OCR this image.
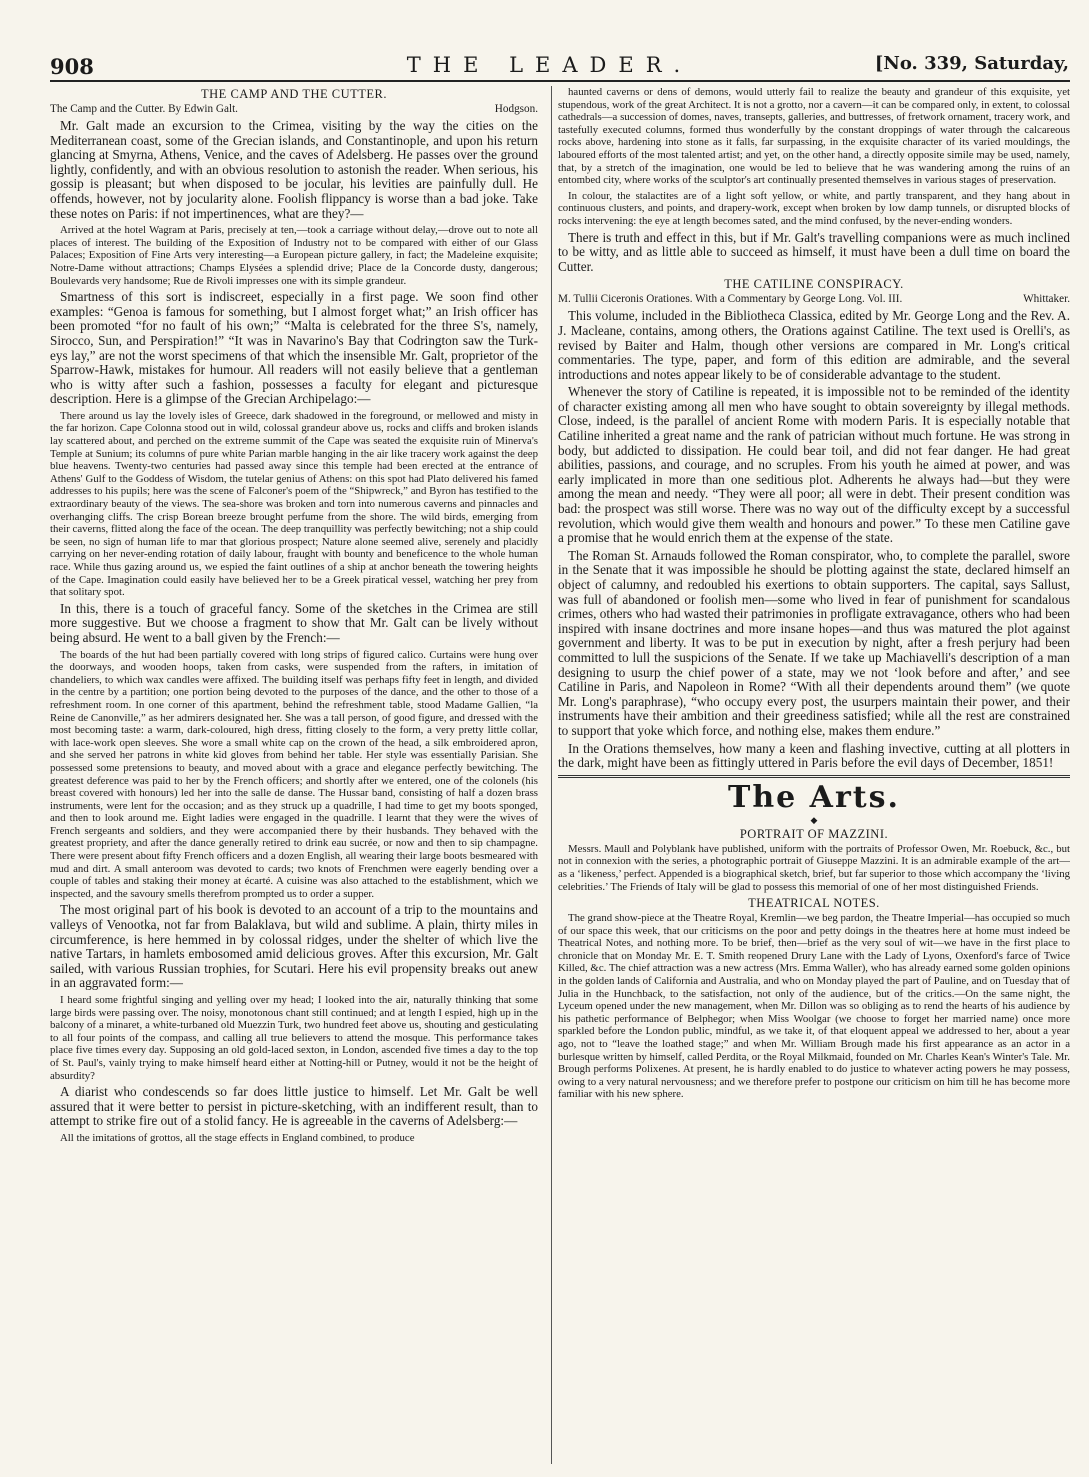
908	THE LEADER.	[No. 339, Saturday,
THE CAMP AND THE CUTTER.
The Camp and the Cutter. By Edwin Galt.	Hodgson.

Mr. Galt made an excursion to the Crimea, visiting by the way the cities on the Mediterranean coast, some of the Grecian islands, and Constantinople, and upon his return glancing at Smyrna, Athens, Venice, and the caves of Adelsberg. He passes over the ground lightly, confidently, and with an obvious resolution to astonish the reader. When serious, his gossip is pleasant; but when disposed to be jocular, his levities are painfully dull. He offends, however, not by jocularity alone. Foolish flippancy is worse than a bad joke. Take these notes on Paris: if not impertinences, what are they?—

Arrived at the hotel Wagram at Paris, precisely at ten,—took a carriage without delay,—drove out to note all places of interest. The building of the Exposition of Industry not to be compared with either of our Glass Palaces; Exposition of Fine Arts very interesting—a European picture gallery, in fact; the Madeleine exquisite; Notre-Dame without attractions; Champs Elysées a splendid drive; Place de la Concorde dusty, dangerous; Boulevards very handsome; Rue de Rivoli impresses one with its simple grandeur.

Smartness of this sort is indiscreet, especially in a first page. We soon find other examples: “Genoa is famous for something, but I almost forget what;” an Irish officer has been promoted “for no fault of his own;” “Malta is celebrated for the three S's, namely, Sirocco, Sun, and Perspiration!” “It was in Navarino's Bay that Codrington saw the Turk-eys lay,” are not the worst specimens of that which the insensible Mr. Galt, proprietor of the Sparrow-Hawk, mistakes for humour. All readers will not easily believe that a gentleman who is witty after such a fashion, possesses a faculty for elegant and picturesque description. Here is a glimpse of the Grecian Archipelago:—

There around us lay the lovely isles of Greece, dark shadowed in the foreground, or mellowed and misty in the far horizon. Cape Colonna stood out in wild, colossal grandeur above us, rocks and cliffs and broken islands lay scattered about, and perched on the extreme summit of the Cape was seated the exquisite ruin of Minerva's Temple at Sunium; its columns of pure white Parian marble hanging in the air like tracery work against the deep blue heavens. Twenty-two centuries had passed away since this temple had been erected at the entrance of Athens' Gulf to the Goddess of Wisdom, the tutelar genius of Athens: on this spot had Plato delivered his famed addresses to his pupils; here was the scene of Falconer's poem of the “Shipwreck,” and Byron has testified to the extraordinary beauty of the views. The sea-shore was broken and torn into numerous caverns and pinnacles and overhanging cliffs. The crisp Borean breeze brought perfume from the shore. The wild birds, emerging from their caverns, flitted along the face of the ocean. The deep tranquillity was perfectly bewitching; not a ship could be seen, no sign of human life to mar that glorious prospect; Nature alone seemed alive, serenely and placidly carrying on her never-ending rotation of daily labour, fraught with bounty and beneficence to the whole human race. While thus gazing around us, we espied the faint outlines of a ship at anchor beneath the towering heights of the Cape. Imagination could easily have believed her to be a Greek piratical vessel, watching her prey from that solitary spot.

In this, there is a touch of graceful fancy. Some of the sketches in the Crimea are still more suggestive. But we choose a fragment to show that Mr. Galt can be lively without being absurd. He went to a ball given by the French:—

The boards of the hut had been partially covered with long strips of figured calico. Curtains were hung over the doorways, and wooden hoops, taken from casks, were suspended from the rafters, in imitation of chandeliers, to which wax candles were affixed. The building itself was perhaps fifty feet in length, and divided in the centre by a partition; one portion being devoted to the purposes of the dance, and the other to those of a refreshment room. In one corner of this apartment, behind the refreshment table, stood Madame Gallien, “la Reine de Canonville,” as her admirers designated her. She was a tall person, of good figure, and dressed with the most becoming taste: a warm, dark-coloured, high dress, fitting closely to the form, a very pretty little collar, with lace-work open sleeves. She wore a small white cap on the crown of the head, a silk embroidered apron, and she served her patrons in white kid gloves from behind her table. Her style was essentially Parisian. She possessed some pretensions to beauty, and moved about with a grace and elegance perfectly bewitching. The greatest deference was paid to her by the French officers; and shortly after we entered, one of the colonels (his breast covered with honours) led her into the salle de danse. The Hussar band, consisting of half a dozen brass instruments, were lent for the occasion; and as they struck up a quadrille, I had time to get my boots sponged, and then to look around me. Eight ladies were engaged in the quadrille. I learnt that they were the wives of French sergeants and soldiers, and they were accompanied there by their husbands. They behaved with the greatest propriety, and after the dance generally retired to drink eau sucrée, or now and then to sip champagne. There were present about fifty French officers and a dozen English, all wearing their large boots besmeared with mud and dirt. A small anteroom was devoted to cards; two knots of Frenchmen were eagerly bending over a couple of tables and staking their money at écarté. A cuisine was also attached to the establishment, which we inspected, and the savoury smells therefrom prompted us to order a supper.

The most original part of his book is devoted to an account of a trip to the mountains and valleys of Venootka, not far from Balaklava, but wild and sublime. A plain, thirty miles in circumference, is here hemmed in by colossal ridges, under the shelter of which live the native Tartars, in hamlets embosomed amid delicious groves. After this excursion, Mr. Galt sailed, with various Russian trophies, for Scutari. Here his evil propensity breaks out anew in an aggravated form:—

I heard some frightful singing and yelling over my head; I looked into the air, naturally thinking that some large birds were passing over. The noisy, monotonous chant still continued; and at length I espied, high up in the balcony of a minaret, a white-turbaned old Muezzin Turk, two hundred feet above us, shouting and gesticulating to all four points of the compass, and calling all true believers to attend the mosque. This performance takes place five times every day. Supposing an old gold-laced sexton, in London, ascended five times a day to the top of St. Paul's, vainly trying to make himself heard either at Notting-hill or Putney, would it not be the height of absurdity?

A diarist who condescends so far does little justice to himself. Let Mr. Galt be well assured that it were better to persist in picture-sketching, with an indifferent result, than to attempt to strike fire out of a stolid fancy. He is agreeable in the caverns of Adelsberg:—

All the imitations of grottos, all the stage effects in England combined, to produce

haunted caverns or dens of demons, would utterly fail to realize the beauty and grandeur of this exquisite, yet stupendous, work of the great Architect. It is not a grotto, nor a cavern—it can be compared only, in extent, to colossal cathedrals—a succession of domes, naves, transepts, galleries, and buttresses, of fretwork ornament, tracery work, and tastefully executed columns, formed thus wonderfully by the constant droppings of water through the calcareous rocks above, hardening into stone as it falls, far surpassing, in the exquisite character of its varied mouldings, the laboured efforts of the most talented artist; and yet, on the other hand, a directly opposite simile may be used, namely, that, by a stretch of the imagination, one would be led to believe that he was wandering among the ruins of an entombed city, where works of the sculptor's art continually presented themselves in various stages of preservation.

In colour, the stalactites are of a light soft yellow, or white, and partly transparent, and they hang about in continuous clusters, and points, and drapery-work, except when broken by low damp tunnels, or disrupted blocks of rocks intervening: the eye at length becomes sated, and the mind confused, by the never-ending wonders.

There is truth and effect in this, but if Mr. Galt's travelling companions were as much inclined to be witty, and as little able to succeed as himself, it must have been a dull time on board the Cutter.

THE CATILINE CONSPIRACY.
M. Tullii Ciceronis Orationes. With a Commentary by George Long. Vol. III.	Whittaker.

This volume, included in the Bibliotheca Classica, edited by Mr. George Long and the Rev. A. J. Macleane, contains, among others, the Orations against Catiline. The text used is Orelli's, as revised by Baiter and Halm, though other versions are compared in Mr. Long's critical commentaries. The type, paper, and form of this edition are admirable, and the several introductions and notes appear likely to be of considerable advantage to the student.

Whenever the story of Catiline is repeated, it is impossible not to be reminded of the identity of character existing among all men who have sought to obtain sovereignty by illegal methods. Close, indeed, is the parallel of ancient Rome with modern Paris. It is especially notable that Catiline inherited a great name and the rank of patrician without much fortune. He was strong in body, but addicted to dissipation. He could bear toil, and did not fear danger. He had great abilities, passions, and courage, and no scruples. From his youth he aimed at power, and was early implicated in more than one seditious plot. Adherents he always had—but they were among the mean and needy. “They were all poor; all were in debt. Their present condition was bad: the prospect was still worse. There was no way out of the difficulty except by a successful revolution, which would give them wealth and honours and power.” To these men Catiline gave a promise that he would enrich them at the expense of the state.

The Roman St. Arnauds followed the Roman conspirator, who, to complete the parallel, swore in the Senate that it was impossible he should be plotting against the state, declared himself an object of calumny, and redoubled his exertions to obtain supporters. The capital, says Sallust, was full of abandoned or foolish men—some who lived in fear of punishment for scandalous crimes, others who had wasted their patrimonies in profligate extravagance, others who had been inspired with insane doctrines and more insane hopes—and thus was matured the plot against government and liberty. It was to be put in execution by night, after a fresh perjury had been committed to lull the suspicions of the Senate. If we take up Machiavelli's description of a man designing to usurp the chief power of a state, may we not ‘look before and after,’ and see Catiline in Paris, and Napoleon in Rome? “With all their dependents around them” (we quote Mr. Long's paraphrase), “who occupy every post, the usurpers maintain their power, and their instruments have their ambition and their greediness satisfied; while all the rest are constrained to support that yoke which force, and nothing else, makes them endure.”

In the Orations themselves, how many a keen and flashing invective, cutting at all plotters in the dark, might have been as fittingly uttered in Paris before the evil days of December, 1851!

The Arts.
◆
PORTRAIT OF MAZZINI.

Messrs. Maull and Polyblank have published, uniform with the portraits of Professor Owen, Mr. Roebuck, &c., but not in connexion with the series, a photographic portrait of Giuseppe Mazzini. It is an admirable example of the art—as a ‘likeness,’ perfect. Appended is a biographical sketch, brief, but far superior to those which accompany the ‘living celebrities.’ The Friends of Italy will be glad to possess this memorial of one of her most distinguished Friends.

THEATRICAL NOTES.

The grand show-piece at the Theatre Royal, Kremlin—we beg pardon, the Theatre Imperial—has occupied so much of our space this week, that our criticisms on the poor and petty doings in the theatres here at home must indeed be Theatrical Notes, and nothing more. To be brief, then—brief as the very soul of wit—we have in the first place to chronicle that on Monday Mr. E. T. Smith reopened Drury Lane with the Lady of Lyons, Oxenford's farce of Twice Killed, &c. The chief attraction was a new actress (Mrs. Emma Waller), who has already earned some golden opinions in the golden lands of California and Australia, and who on Monday played the part of Pauline, and on Tuesday that of Julia in the Hunchback, to the satisfaction, not only of the audience, but of the critics.—On the same night, the Lyceum opened under the new management, when Mr. Dillon was so obliging as to rend the hearts of his audience by his pathetic performance of Belphegor; when Miss Woolgar (we choose to forget her married name) once more sparkled before the London public, mindful, as we take it, of that eloquent appeal we addressed to her, about a year ago, not to “leave the loathed stage;” and when Mr. William Brough made his first appearance as an actor in a burlesque written by himself, called Perdita, or the Royal Milkmaid, founded on Mr. Charles Kean's Winter's Tale. Mr. Brough performs Polixenes. At present, he is hardly enabled to do justice to whatever acting powers he may possess, owing to a very natural nervousness; and we therefore prefer to postpone our criticism on him till he has become more familiar with his new sphere.
